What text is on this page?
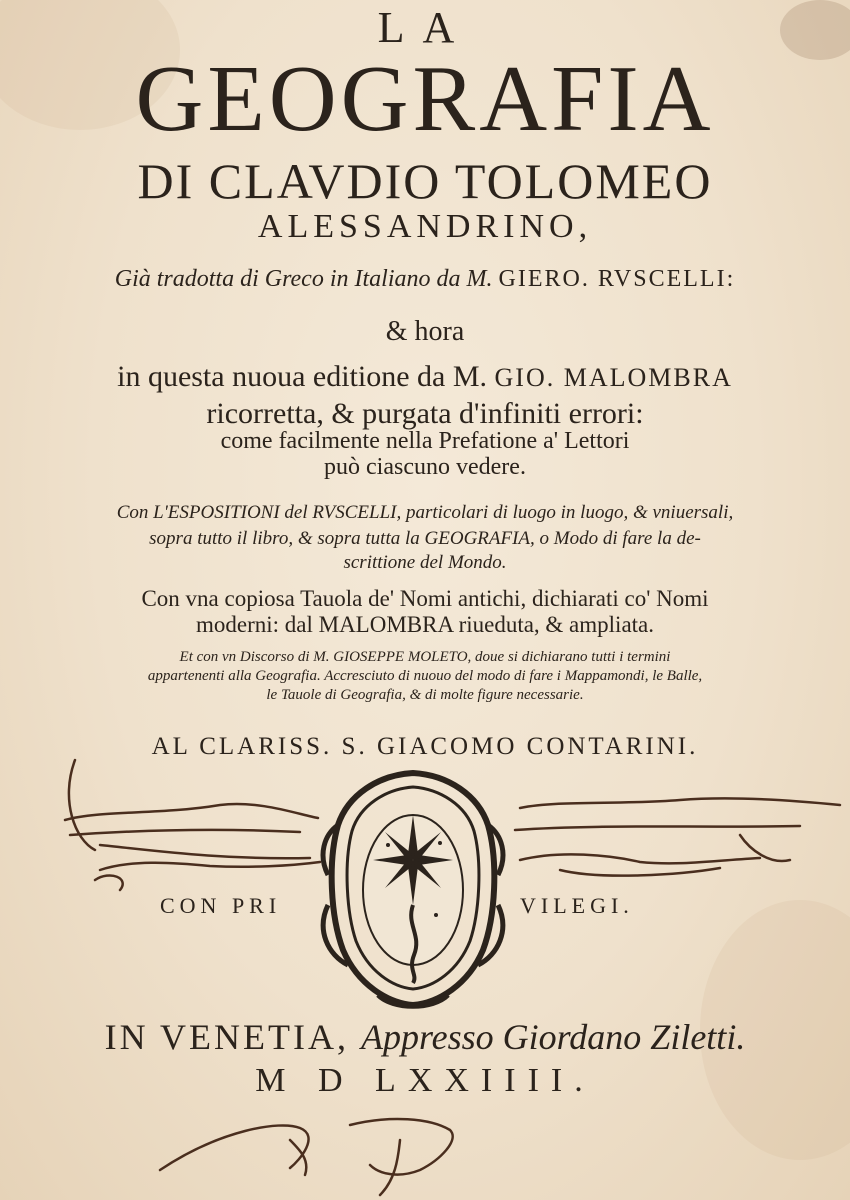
LA
GEOGRAFIA
DI CLAVDIO TOLOMEO
ALESSANDRINO,
Già tradotta di Greco in Italiano da M. GIERO. RVSCELLI:
& hora
in questa nuoua editione da M. GIO. MALOMBRA
ricorretta, & purgata d'infiniti errori:
come facilmente nella Prefatione a' Lettori
può ciascuno vedere.
Con L'ESPOSITIONI del RVSCELLI, particolari di luogo in luogo, & vniuersali,
sopra tutto il libro, & sopra tutta la GEOGRAFIA, o Modo di fare la de-
scrittione del Mondo.
Con vna copiosa Tauola de' Nomi antichi, dichiarati co' Nomi
moderni: dal MALOMBRA riueduta, & ampliata.
Et con vn Discorso di M. GIOSEPPE MOLETO, doue si dichiarano tutti i termini
appartenenti alla Geografia. Accresciuto di nuouo del modo di fare i Mappamondi, le Balle,
le Tauole di Geografia, & di molte figure necessarie.
AL CLARISS. S. GIACOMO CONTARINI.
CON PRI	VILEGI.
IN VENETIA, Appresso Giordano Ziletti.
M D LXXIIII.
